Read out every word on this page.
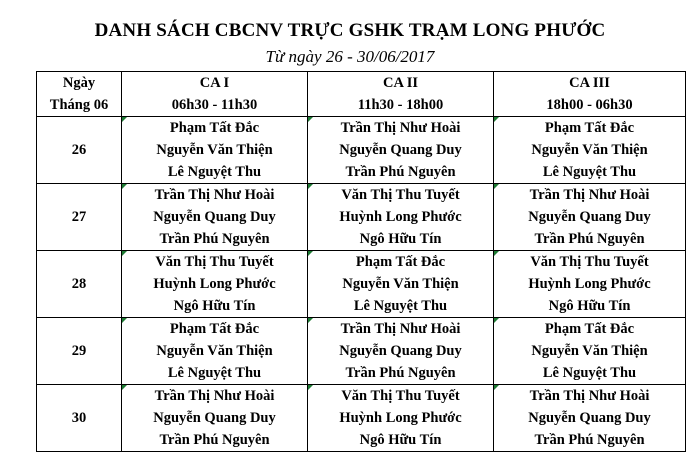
DANH SÁCH CBCNV TRỰC GSHK TRẠM LONG PHƯỚC
Từ ngày 26 - 30/06/2017
Ngày	CA I	CA II	CA III
Tháng 06	06h30 - 11h30	11h30 - 18h00	18h00 - 06h30
26	Phạm Tất Đắc	Trần Thị Như Hoài	Phạm Tất Đắc
	Nguyễn Văn Thiện	Nguyễn Quang Duy	Nguyễn Văn Thiện
	Lê Nguyệt Thu	Trần Phú Nguyên	Lê Nguyệt Thu
27	Trần Thị Như Hoài	Văn Thị Thu Tuyết	Trần Thị Như Hoài
	Nguyễn Quang Duy	Huỳnh Long Phước	Nguyễn Quang Duy
	Trần Phú Nguyên	Ngô Hữu Tín	Trần Phú Nguyên
28	Văn Thị Thu Tuyết	Phạm Tất Đắc	Văn Thị Thu Tuyết
	Huỳnh Long Phước	Nguyễn Văn Thiện	Huỳnh Long Phước
	Ngô Hữu Tín	Lê Nguyệt Thu	Ngô Hữu Tín
29	Phạm Tất Đắc	Trần Thị Như Hoài	Phạm Tất Đắc
	Nguyễn Văn Thiện	Nguyễn Quang Duy	Nguyễn Văn Thiện
	Lê Nguyệt Thu	Trần Phú Nguyên	Lê Nguyệt Thu
30	Trần Thị Như Hoài	Văn Thị Thu Tuyết	Trần Thị Như Hoài
	Nguyễn Quang Duy	Huỳnh Long Phước	Nguyễn Quang Duy
	Trần Phú Nguyên	Ngô Hữu Tín	Trần Phú Nguyên
